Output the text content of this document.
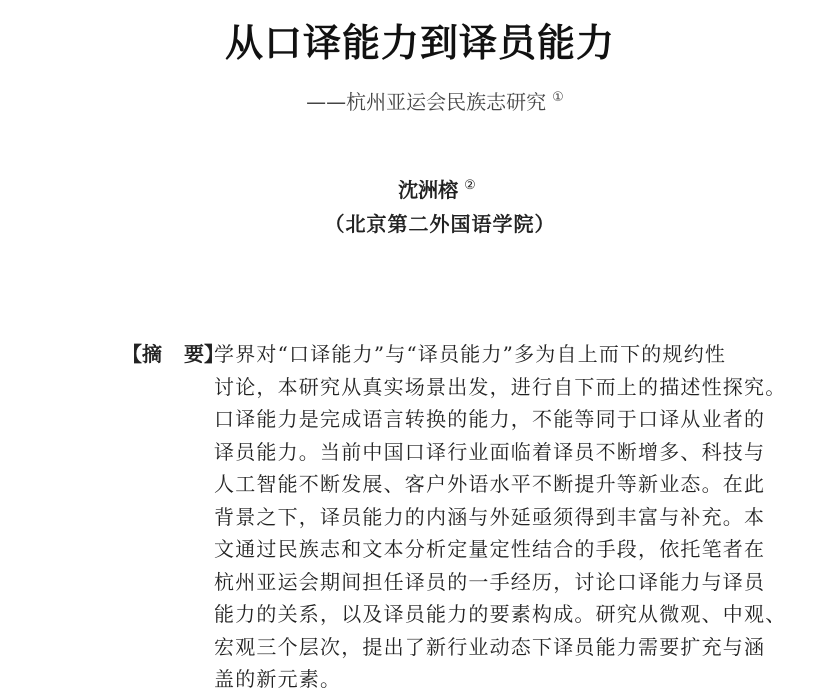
从口译能力到译员能力
——杭州亚运会民族志研究 ①
沈洲榕 ②
（北京第二外国语学院）
【摘 要】
学界对“口译能力”与“译员能力”多为自上而下的规约性
讨论，本研究从真实场景出发，进行自下而上的描述性探究。
口译能力是完成语言转换的能力，不能等同于口译从业者的
译员能力。当前中国口译行业面临着译员不断增多、科技与
人工智能不断发展、客户外语水平不断提升等新业态。在此
背景之下，译员能力的内涵与外延亟须得到丰富与补充。本
文通过民族志和文本分析定量定性结合的手段，依托笔者在
杭州亚运会期间担任译员的一手经历，讨论口译能力与译员
能力的关系，以及译员能力的要素构成。研究从微观、中观、
宏观三个层次，提出了新行业动态下译员能力需要扩充与涵
盖的新元素。
